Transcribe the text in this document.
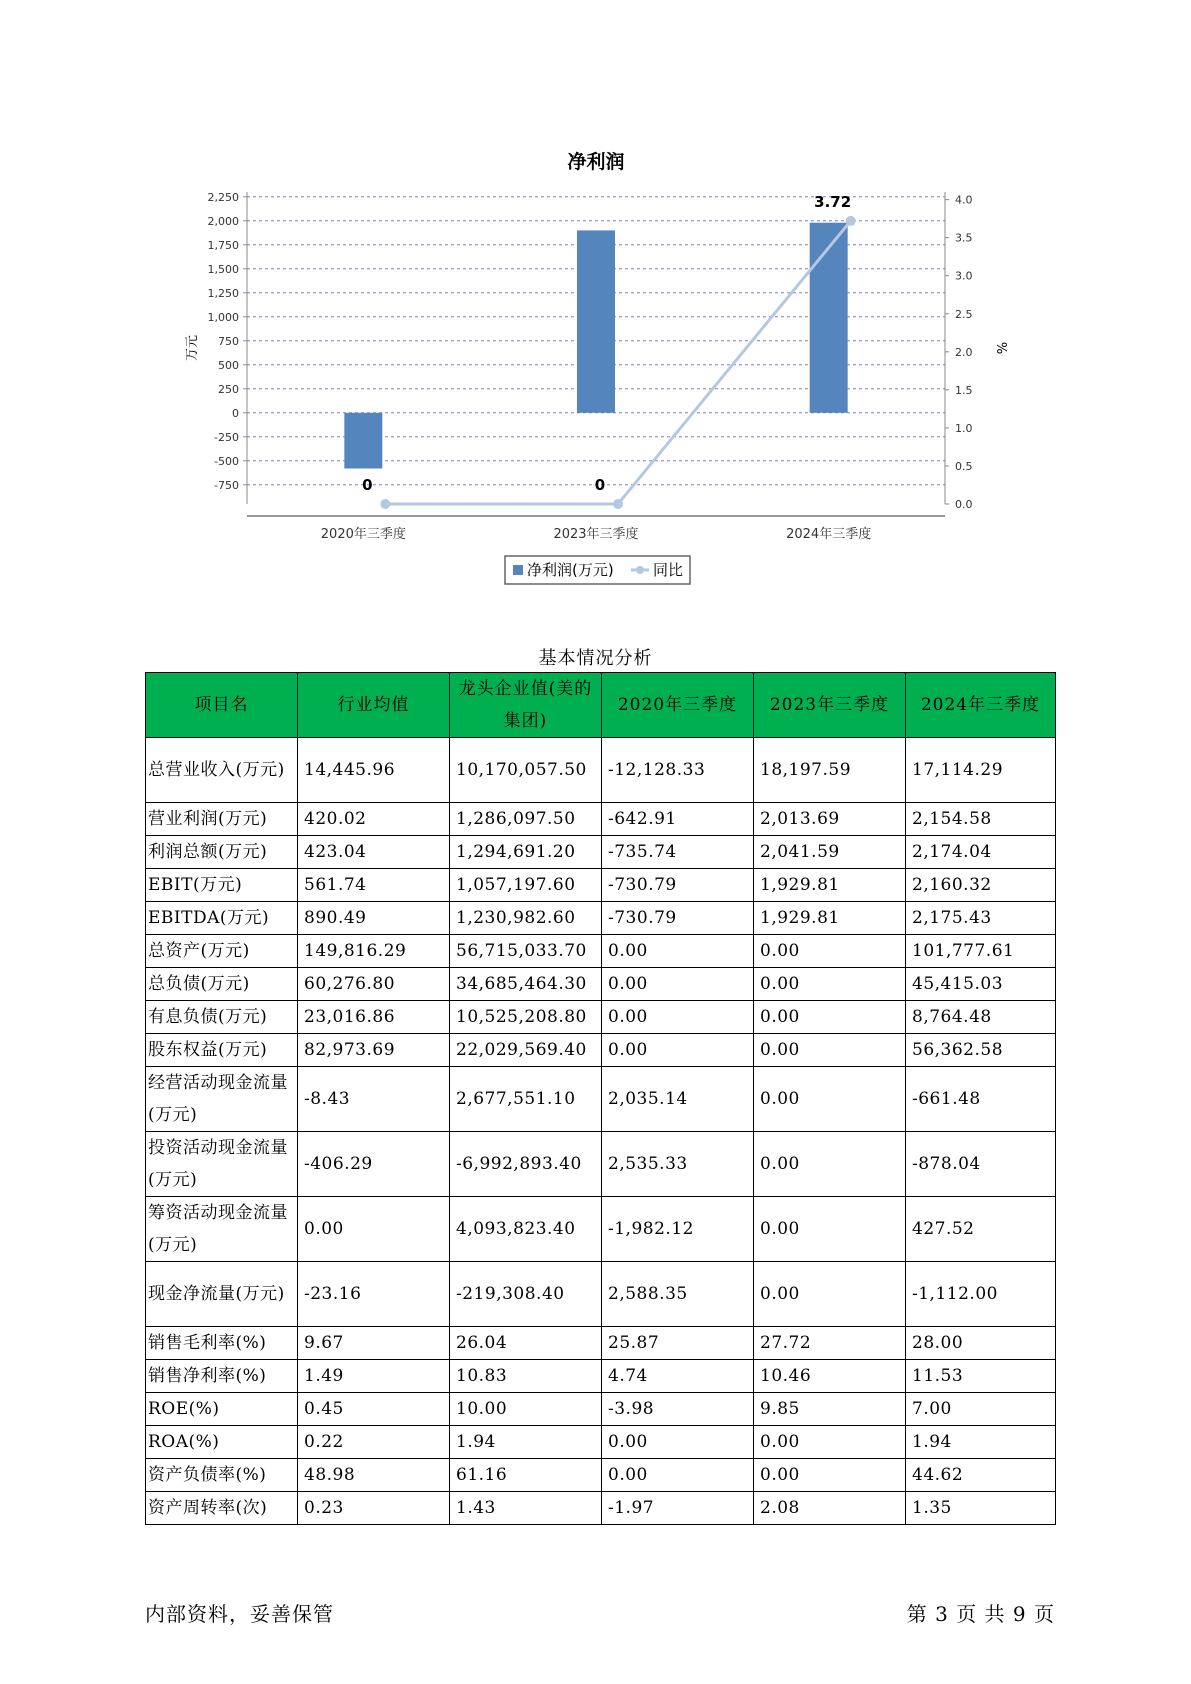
净利润
-750
-500
-250
0
250
500
750
1,000
1,250
1,500
1,750
2,000
2,250
0.0
0.5
1.0
1.5
2.0
2.5
3.0
3.5
4.0
万元	%
2020年三季度	2023年三季度	2024年三季度
0	0
3.72
净利润(万元)	同比
基本情况分析
项目名	行业均值	龙头企业值(美的集团)	2020年三季度	2023年三季度	2024年三季度
总营业收入(万元)	14,445.96	10,170,057.50	-12,128.33	18,197.59	17,114.29
营业利润(万元)	420.02	1,286,097.50	-642.91	2,013.69	2,154.58
利润总额(万元)	423.04	1,294,691.20	-735.74	2,041.59	2,174.04
EBIT(万元)	561.74	1,057,197.60	-730.79	1,929.81	2,160.32
EBITDA(万元)	890.49	1,230,982.60	-730.79	1,929.81	2,175.43
总资产(万元)	149,816.29	56,715,033.70	0.00	0.00	101,777.61
总负债(万元)	60,276.80	34,685,464.30	0.00	0.00	45,415.03
有息负债(万元)	23,016.86	10,525,208.80	0.00	0.00	8,764.48
股东权益(万元)	82,973.69	22,029,569.40	0.00	0.00	56,362.58
经营活动现金流量(万元)	-8.43	2,677,551.10	2,035.14	0.00	-661.48
投资活动现金流量(万元)	-406.29	-6,992,893.40	2,535.33	0.00	-878.04
筹资活动现金流量(万元)	0.00	4,093,823.40	-1,982.12	0.00	427.52
现金净流量(万元)	-23.16	-219,308.40	2,588.35	0.00	-1,112.00
销售毛利率(%)	9.67	26.04	25.87	27.72	28.00
销售净利率(%)	1.49	10.83	4.74	10.46	11.53
ROE(%)	0.45	10.00	-3.98	9.85	7.00
ROA(%)	0.22	1.94	0.00	0.00	1.94
资产负债率(%)	48.98	61.16	0.00	0.00	44.62
资产周转率(次)	0.23	1.43	-1.97	2.08	1.35
内部资料，妥善保管	第 3 页 共 9 页
